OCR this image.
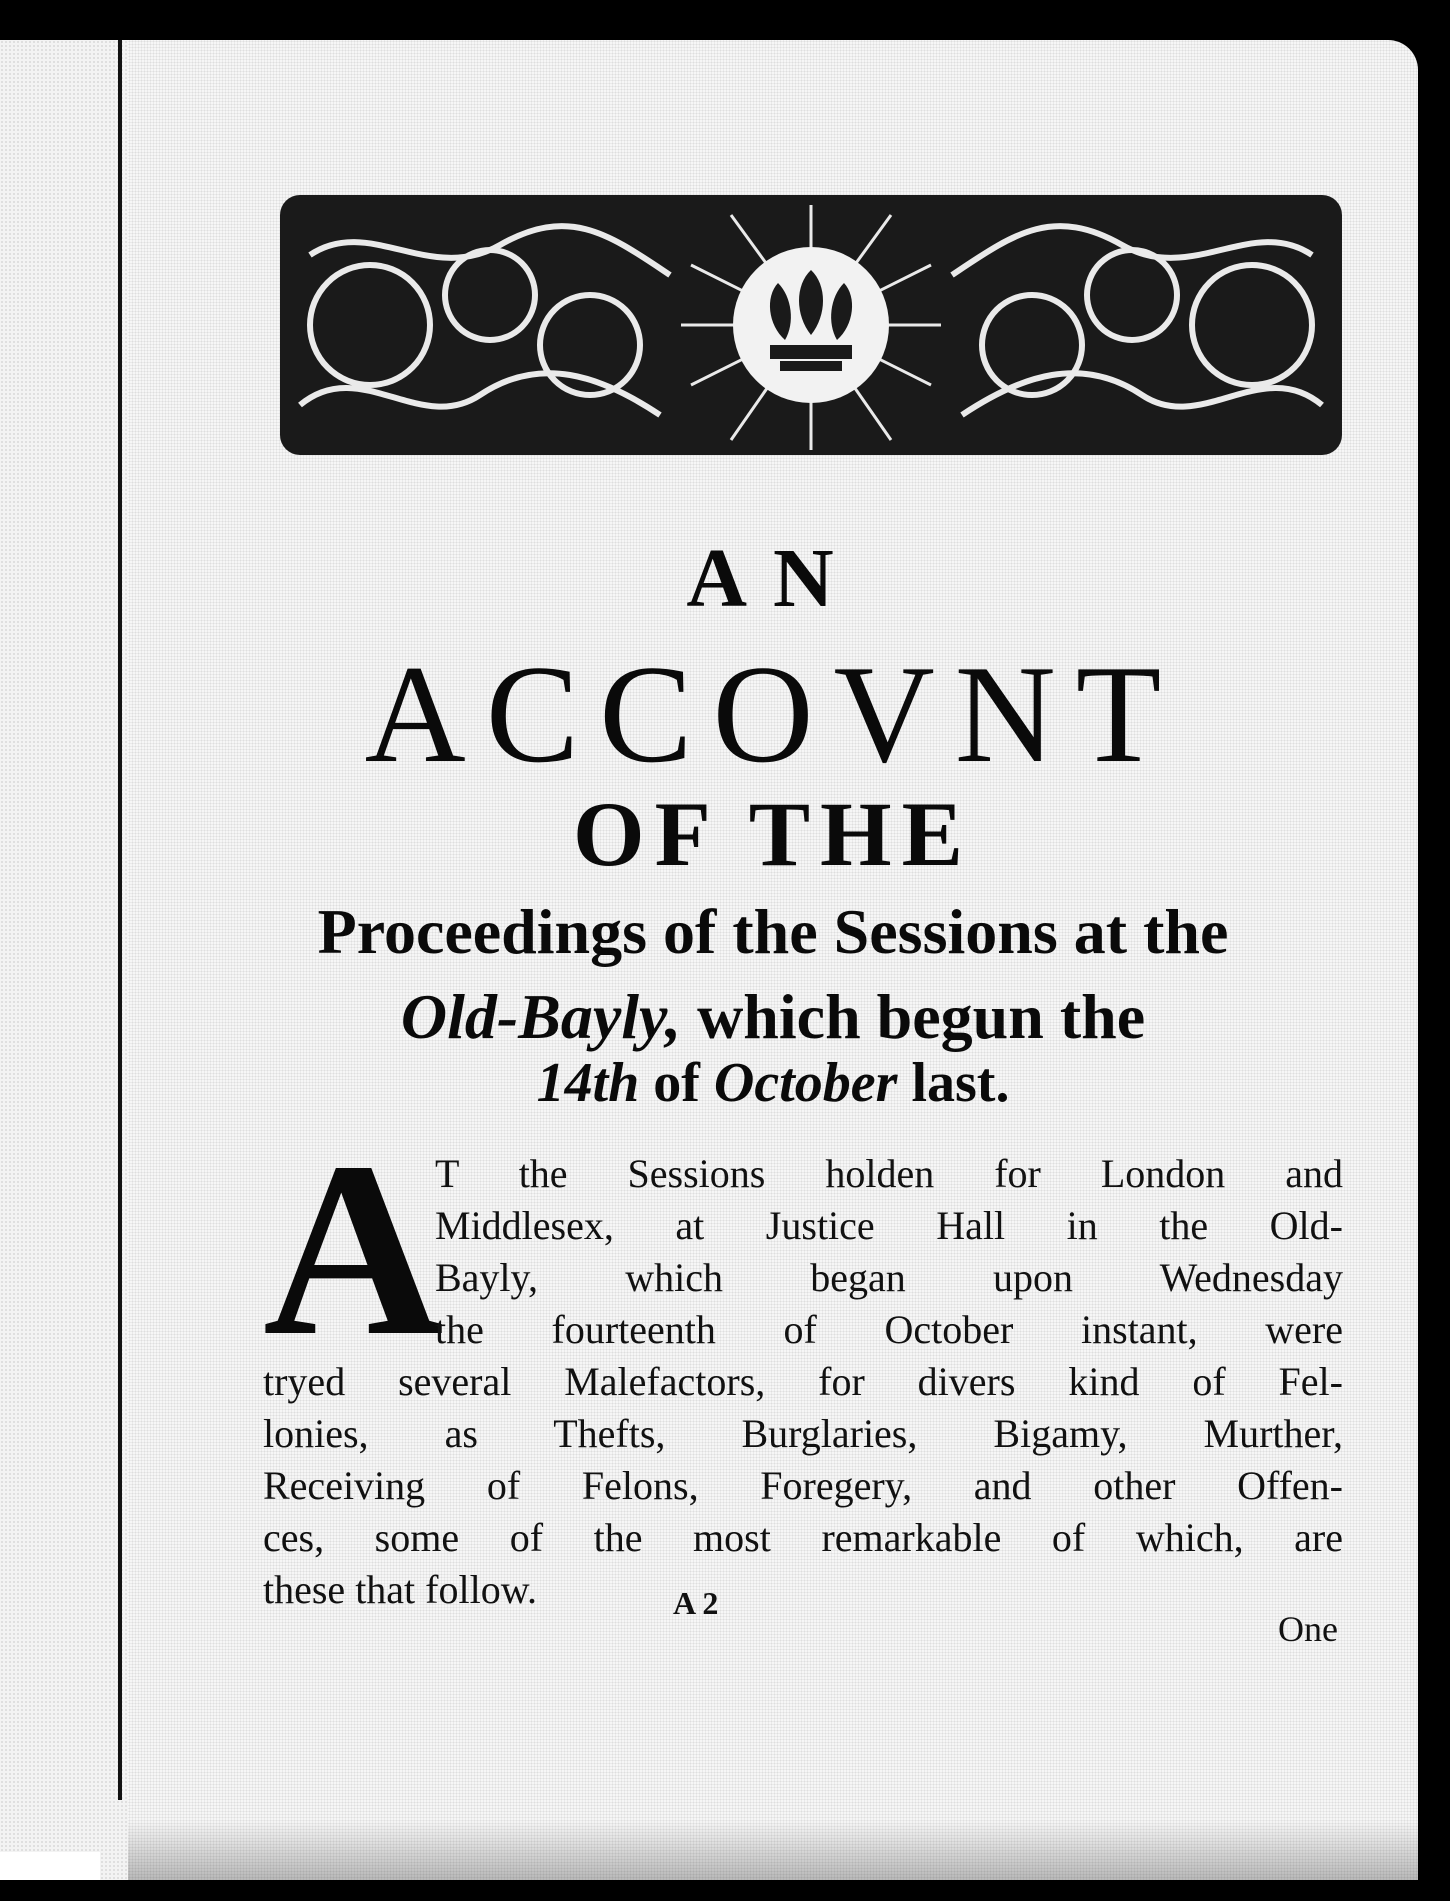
AN
ACCOVNT
OF THE
Proceedings of the Sessions at the
Old-Bayly, which begun the
14th of October last.
A
T the Sessions holden for London and
Middlesex, at Justice Hall in the Old-
Bayly, which began upon Wednesday
the fourteenth of October instant, were
tryed several Malefactors, for divers kind of Fel-
lonies, as Thefts, Burglaries, Bigamy, Murther,
Receiving of Felons, Foregery, and other Offen-
ces, some of the most remarkable of which, are
these that follow.	A 2
One
